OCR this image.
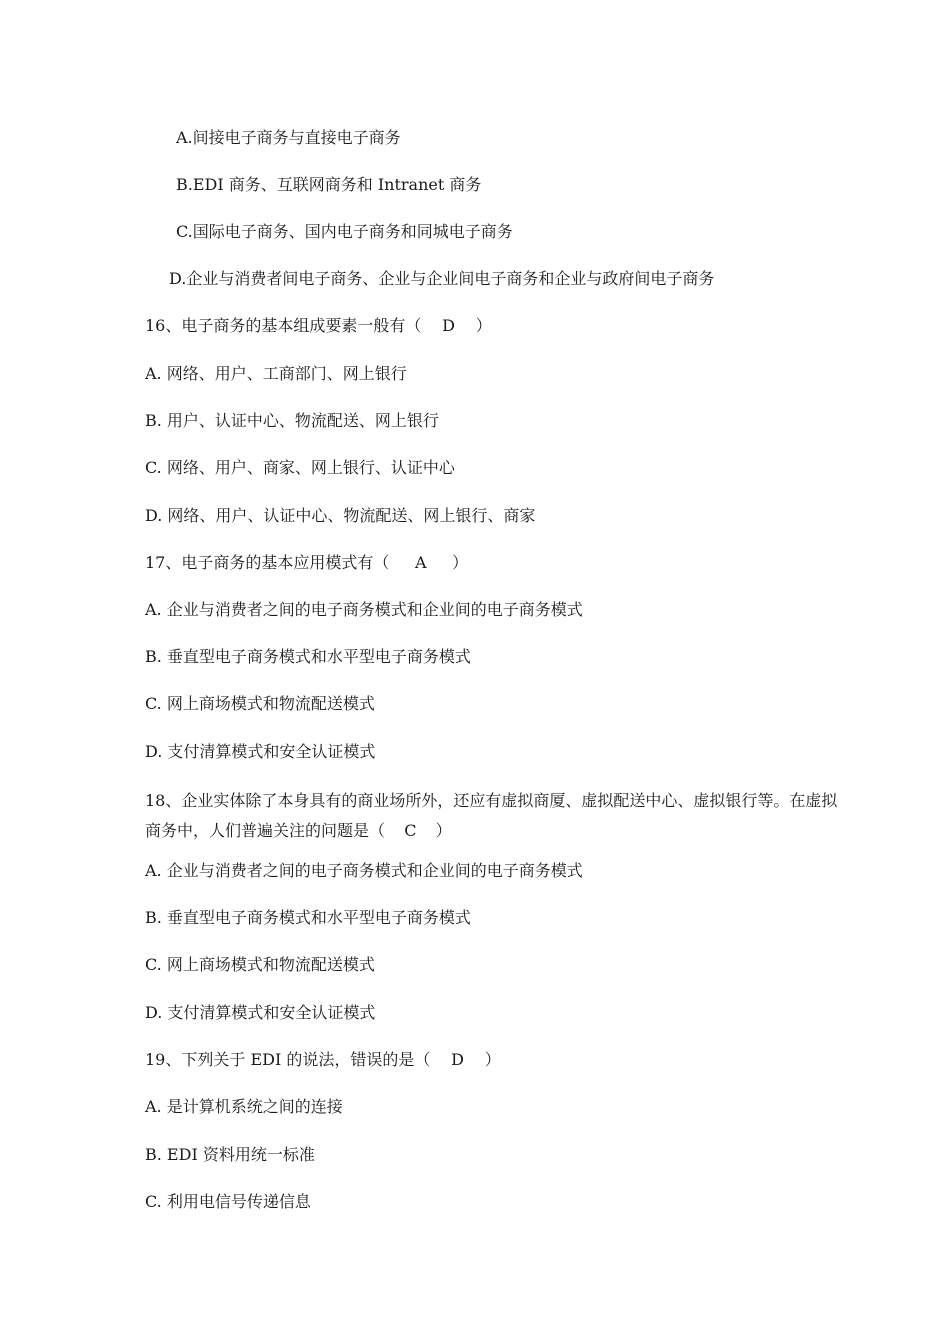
A.间接电子商务与直接电子商务
B.EDI 商务、互联网商务和 Intranet 商务
C.国际电子商务、国内电子商务和同城电子商务
D.企业与消费者间电子商务、企业与企业间电子商务和企业与政府间电子商务
16、电子商务的基本组成要素一般有（ D ）
A. 网络、用户、工商部门、网上银行
B. 用户、认证中心、物流配送、网上银行
C. 网络、用户、商家、网上银行、认证中心
D. 网络、用户、认证中心、物流配送、网上银行、商家
17、电子商务的基本应用模式有（ A ）
A. 企业与消费者之间的电子商务模式和企业间的电子商务模式
B. 垂直型电子商务模式和水平型电子商务模式
C. 网上商场模式和物流配送模式
D. 支付清算模式和安全认证模式
18、企业实体除了本身具有的商业场所外，还应有虚拟商厦、虚拟配送中心、虚拟银行等。在虚拟商务中，人们普遍关注的问题是（ C ）
A. 企业与消费者之间的电子商务模式和企业间的电子商务模式
B. 垂直型电子商务模式和水平型电子商务模式
C. 网上商场模式和物流配送模式
D. 支付清算模式和安全认证模式
19、下列关于 EDI 的说法，错误的是（ D ）
A. 是计算机系统之间的连接
B. EDI 资料用统一标准
C. 利用电信号传递信息
